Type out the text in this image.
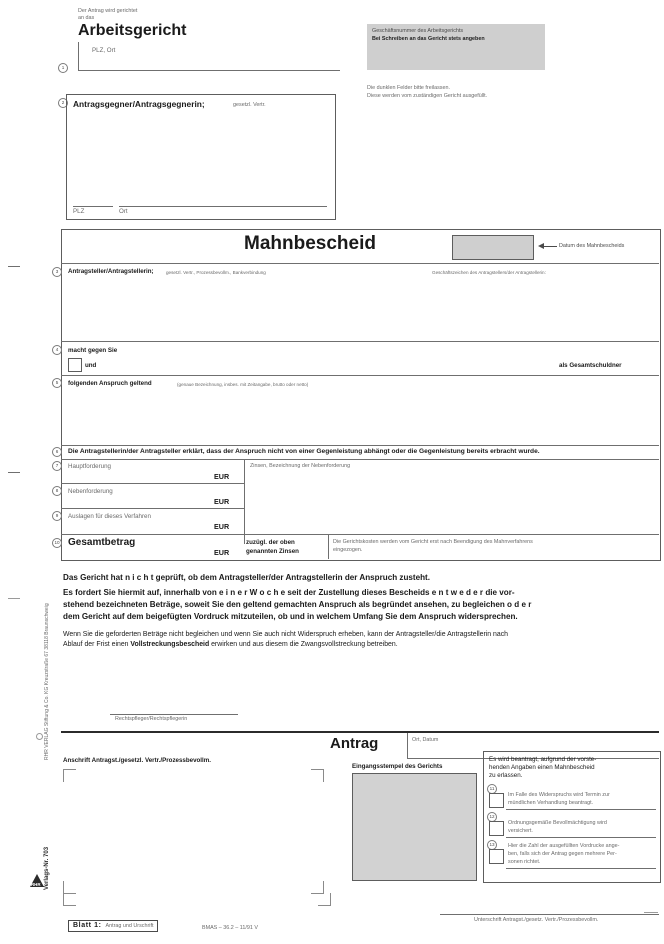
Der Antrag wird gerichtet
an das
Arbeitsgericht
1
PLZ, Ort
Geschäftsnummer des Arbeitsgerichts
Bei Schreiben an das Gericht stets angeben
Die dunklen Felder bitte freilassen.
Diese werden vom zuständigen Gericht ausgefüllt.
2	Antragsgegner/Antragsgegnerin;	gesetzl. Vertr.
PLZ	Ort
Mahnbescheid	Datum des Mahnbescheids
3	Antragsteller/Antragstellerin;	gesetzl. Vertr., Prozessbevollm., Bankverbindung	Geschäftszeichen des Antragstellers/der Antragstellerin:
4	macht gegen Sie
und	als Gesamtschuldner
5	folgenden Anspruch geltend	(genaue Bezeichnung, insbes. mit Zeitangabe, brutto oder netto)
6	Die Antragstellerin/der Antragsteller erklärt, dass der Anspruch nicht von einer Gegenleistung abhängt oder die Gegenleistung bereits erbracht wurde.
Zinsen, Bezeichnung der Nebenforderung
7	Hauptforderung
EUR
8	Nebenforderung
EUR
9	Auslagen für dieses Verfahren
EUR
10 Gesamtbetrag
EUR
zuzügl. der oben
genannten Zinsen
Die Gerichtskosten werden vom Gericht erst nach Beendigung des Mahnverfahrens
eingezogen.
Das Gericht hat n i c h t geprüft, ob dem Antragsteller/der Antragstellerin der Anspruch zusteht.
Es fordert Sie hiermit auf, innerhalb von e i n e r W o c h e seit der Zustellung dieses Bescheids e n t w e d e r die vor-
stehend bezeichneten Beträge, soweit Sie den geltend gemachten Anspruch als begründet ansehen, zu begleichen o d e r
dem Gericht auf dem beigefügten Vordruck mitzuteilen, ob und in welchem Umfang Sie dem Anspruch widersprechen.
Wenn Sie die geforderten Beträge nicht begleichen und wenn Sie auch nicht Widerspruch erheben, kann der Antragsteller/die Antragstellerin nach
Ablauf der Frist einen Vollstreckungsbescheid erwirken und aus diesem die Zwangsvollstreckung betreiben.
Rechtspfleger/Rechtspflegerin
Antrag	Ort, Datum
Anschrift Antragst./gesetzl. Vertr./Prozessbevollm.
Eingangsstempel des Gerichts
Es wird beantragt, aufgrund der vorste-
henden Angaben einen Mahnbescheid
zu erlassen.
11
Im Falle des Widerspruchs wird Termin zur
mündlichen Verhandlung beantragt.
12
Ordnungsgemäße Bevollmächtigung wird
versichert.
13	Hier die Zahl der ausgefüllten Vordrucke ange-
ben, falls sich der Antrag gegen mehrere Per-
sonen richtet.
Unterschrift Antragst./gesetz. Vertr./Prozessbevollm.
Blatt 1: Antrag und Urschrift	BMAS – 36.2 – 11/91 V
RHR VERLAG Stiftung & Co. KG Kreuzstraße 67 38118 Braunschweig
Verlags-Nr. 703
RHR
